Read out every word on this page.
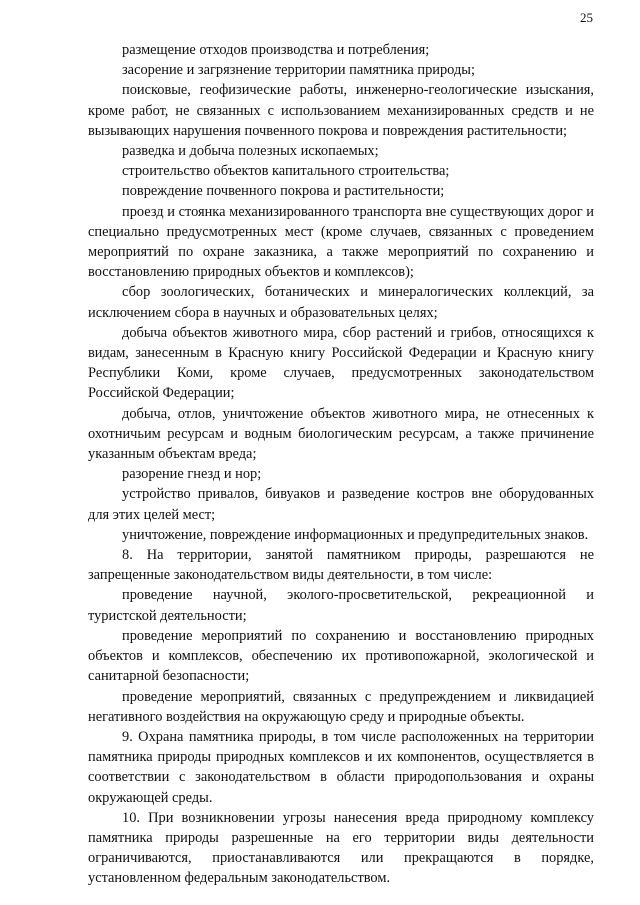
25

размещение отходов производства и потребления;

засорение и загрязнение территории памятника природы;

поисковые, геофизические работы, инженерно-геологические изыскания, кроме работ, не связанных с использованием механизированных средств и не вызывающих нарушения почвенного покрова и повреждения растительности;

разведка и добыча полезных ископаемых;

строительство объектов капитального строительства;

повреждение почвенного покрова и растительности;

проезд и стоянка механизированного транспорта вне существующих дорог и специально предусмотренных мест (кроме случаев, связанных с проведением мероприятий по охране заказника, а также мероприятий по сохранению и восстановлению природных объектов и комплексов);

сбор зоологических, ботанических и минералогических коллекций, за исключением сбора в научных и образовательных целях;

добыча объектов животного мира, сбор растений и грибов, относящихся к видам, занесенным в Красную книгу Российской Федерации и Красную книгу Республики Коми, кроме случаев, предусмотренных законодательством Российской Федерации;

добыча, отлов, уничтожение объектов животного мира, не отнесенных к охотничьим ресурсам и водным биологическим ресурсам, а также причинение указанным объектам вреда;

разорение гнезд и нор;

устройство привалов, бивуаков и разведение костров вне оборудованных для этих целей мест;

уничтожение, повреждение информационных и предупредительных знаков.

8. На территории, занятой памятником природы, разрешаются не запрещенные законодательством виды деятельности, в том числе:

проведение научной, эколого-просветительской, рекреационной и туристской деятельности;

проведение мероприятий по сохранению и восстановлению природных объектов и комплексов, обеспечению их противопожарной, экологической и санитарной безопасности;

проведение мероприятий, связанных с предупреждением и ликвидацией негативного воздействия на окружающую среду и природные объекты.

9. Охрана памятника природы, в том числе расположенных на территории памятника природы природных комплексов и их компонентов, осуществляется в соответствии с законодательством в области природопользования и охраны окружающей среды.

10. При возникновении угрозы нанесения вреда природному комплексу памятника природы разрешенные на его территории виды деятельности ограничиваются, приостанавливаются или прекращаются в порядке, установленном федеральным законодательством.
